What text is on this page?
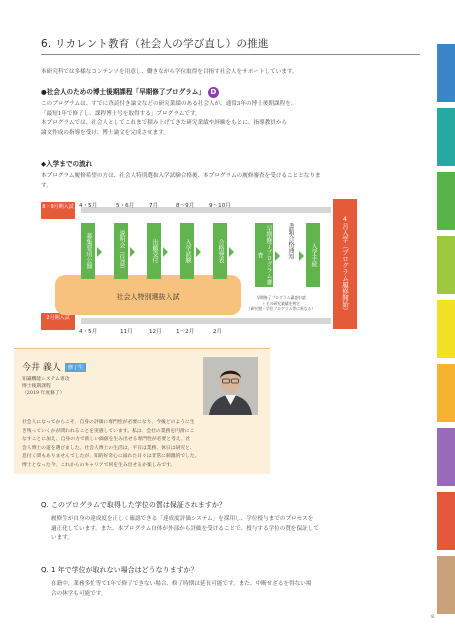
6. リカレント教育（社会人の学び直し）の推進
本研究科では多様なコンテンツを用意し、働きながら学位取得を目指す社会人をサポートしています。
●社会人のための博士後期課程「早期修了プログラム」 D
このプログラムは、すでに査読付き論文などの研究業績のある社会人が、通常3年の博士後期課程を、
「最短1年で修了し、課程博士号を取得する」プログラムです。
本プログラムでは、社会人としてこれまで積み上げてきた研究業績や経験をもとに、指導教員から
論文作成の指導を受け、博士論文を完成させます。
◆入学までの流れ
本プログラム履修希望の方は、社会人特別選抜入学試験合格後、本プログラムの履修審査を受けることとなりま
す。
8・9月期入試
2月期入試
4・5月	5・6月	7月	8〜9月	9〜10月
4・5月	11月	12月	1〜2月	2月
社会人特別選抜入試
募集要項公開	説明会（任意）	出願受付	入学試験	合格発表	早期修了プログラム審査	書類合格通知	入学手続
早期修了プログラム審査申請
＋その研究業績を判定
（研究歴・学位プログラム等に異なる）	4月入学（プログラム履修開始）
今井 義人 修了生
知識機能システム専攻
博士後期課程
（2019 年度修了）
社会人になってからこそ、自身の評価に専門性が必要になり、今後どのように生
き残っていくかが問われることを実感しています。私は、会社の業務を円滑にこ
なすことに加え、自身の力で新しい価値を生み出せる専門性が必要と考え、社
会人博士の道を選びました。社会人博士の生活は、平日は業務、休日は研究と、
息付く間もありませんでしたが、知的好奇心に溢れた日々は非常に刺激的でした。
博士となった今、これからのキャリアで何を生み出せるか楽しみです。
Q. このプログラムで取得した学位の質は保証されますか？
履修生が自身の達成度を正しく確認できる「達成度評価システム」を採用し、学位授与までのプロセスを
適正化しています。また、本プログラム自体が外部から評価を受けることで、授与する学位の質を保証して
います。
Q. 1 年で学位が取れない場合はどうなりますか？
在籍中、業務多忙等で1年で修了できない場合、修了時期は延長可能です。また、中断せざるを得ない場
合の休学も可能です。
8
